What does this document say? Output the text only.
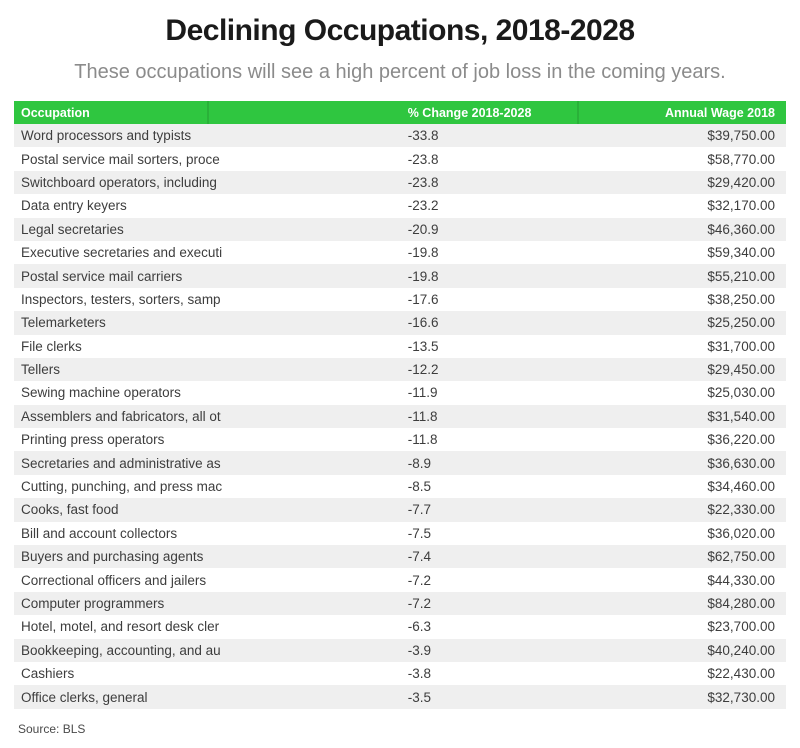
Declining Occupations, 2018-2028
These occupations will see a high percent of job loss in the coming years.
Occupation	% Change 2018-2028	Annual Wage 2018
Word processors and typists	-33.8	$39,750.00
Postal service mail sorters, proce	-23.8	$58,770.00
Switchboard operators, including	-23.8	$29,420.00
Data entry keyers	-23.2	$32,170.00
Legal secretaries	-20.9	$46,360.00
Executive secretaries and executi	-19.8	$59,340.00
Postal service mail carriers	-19.8	$55,210.00
Inspectors, testers, sorters, samp	-17.6	$38,250.00
Telemarketers	-16.6	$25,250.00
File clerks	-13.5	$31,700.00
Tellers	-12.2	$29,450.00
Sewing machine operators	-11.9	$25,030.00
Assemblers and fabricators, all ot	-11.8	$31,540.00
Printing press operators	-11.8	$36,220.00
Secretaries and administrative as	-8.9	$36,630.00
Cutting, punching, and press mac	-8.5	$34,460.00
Cooks, fast food	-7.7	$22,330.00
Bill and account collectors	-7.5	$36,020.00
Buyers and purchasing agents	-7.4	$62,750.00
Correctional officers and jailers	-7.2	$44,330.00
Computer programmers	-7.2	$84,280.00
Hotel, motel, and resort desk cler	-6.3	$23,700.00
Bookkeeping, accounting, and au	-3.9	$40,240.00
Cashiers	-3.8	$22,430.00
Office clerks, general	-3.5	$32,730.00
Source: BLS
